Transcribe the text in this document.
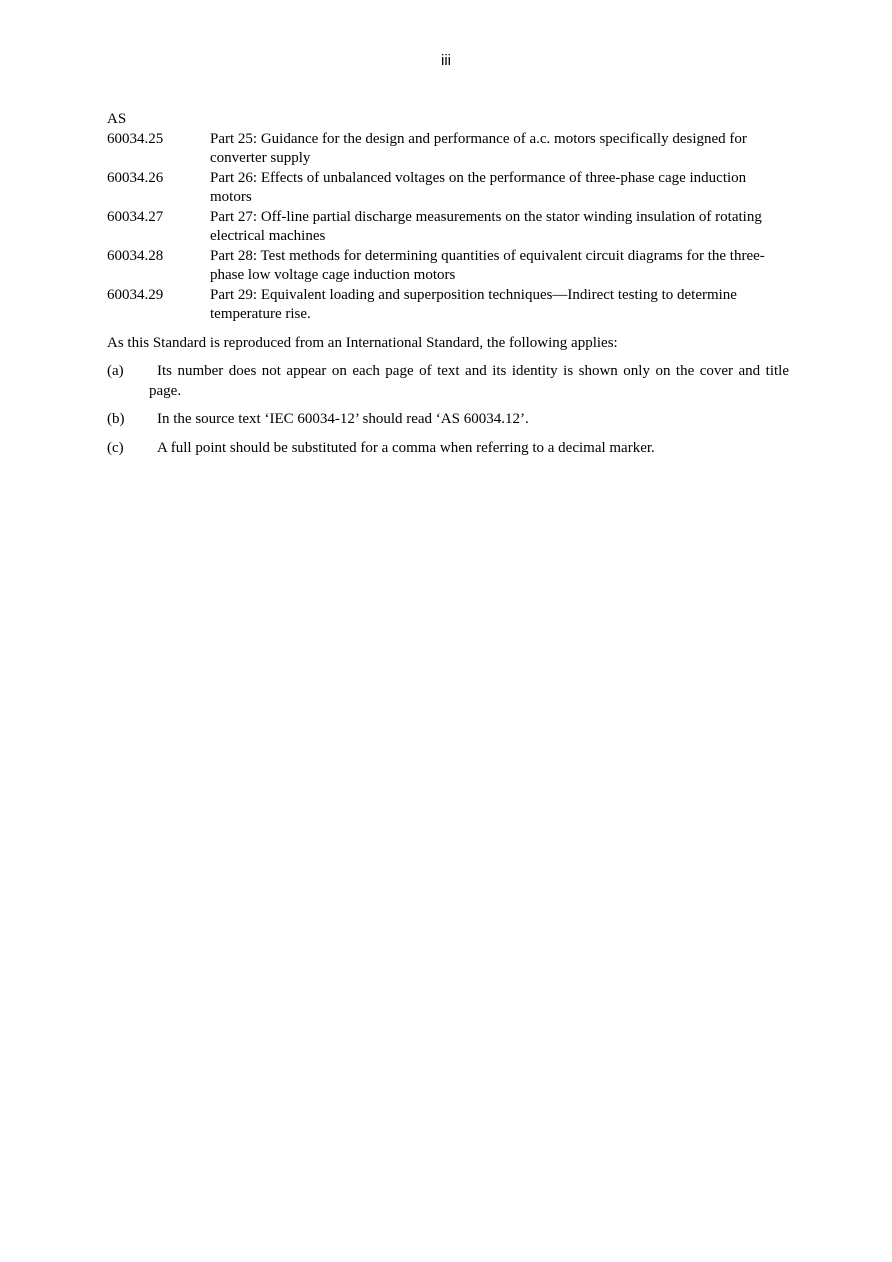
iii
AS
60034.25	Part 25: Guidance for the design and performance of a.c. motors specifically designed for converter supply
60034.26	Part 26: Effects of unbalanced voltages on the performance of three-phase cage induction motors
60034.27	Part 27: Off-line partial discharge measurements on the stator winding insulation of rotating electrical machines
60034.28	Part 28: Test methods for determining quantities of equivalent circuit diagrams for the three-phase low voltage cage induction motors
60034.29	Part 29: Equivalent loading and superposition techniques—Indirect testing to determine temperature rise.

As this Standard is reproduced from an International Standard, the following applies:

(a)	Its number does not appear on each page of text and its identity is shown only on the cover and title page.
(b)	In the source text ‘IEC 60034-12’ should read ‘AS 60034.12’.
(c)	A full point should be substituted for a comma when referring to a decimal marker.
